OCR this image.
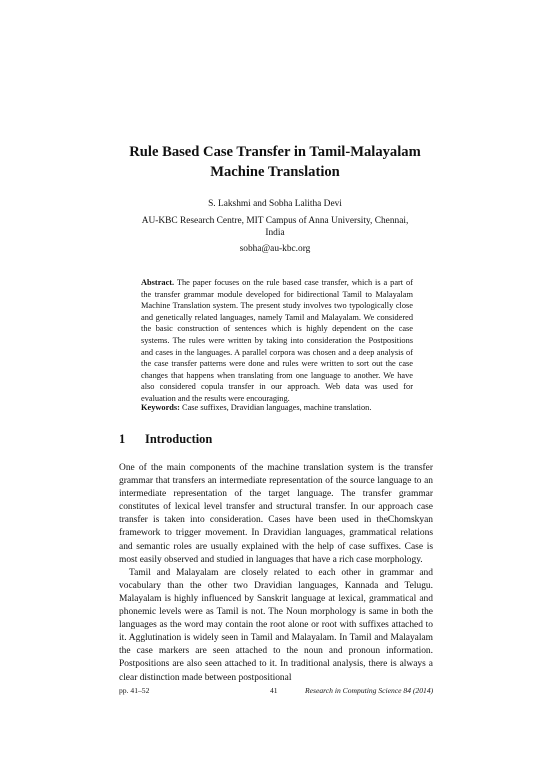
Rule Based Case Transfer in Tamil-Malayalam
Machine Translation
S. Lakshmi and Sobha Lalitha Devi
AU-KBC Research Centre, MIT Campus of Anna University, Chennai,
India
sobha@au-kbc.org
Abstract. The paper focuses on the rule based case transfer, which is a part of the transfer grammar module developed for bidirectional Tamil to Malayalam Machine Translation system. The present study involves two typologically close and genetically related languages, namely Tamil and Malayalam. We considered the basic construction of sentences which is highly dependent on the case systems. The rules were written by taking into consideration the Postpositions and cases in the languages. A parallel corpora was chosen and a deep analysis of the case transfer patterns were done and rules were written to sort out the case changes that happens when translating from one language to another. We have also considered copula transfer in our approach. Web data was used for evaluation and the results were encouraging.
Keywords: Case suffixes, Dravidian languages, machine translation.
1 Introduction

One of the main components of the machine translation system is the transfer grammar that transfers an intermediate representation of the source language to an intermediate representation of the target language. The transfer grammar constitutes of lexical level transfer and structural transfer. In our approach case transfer is taken into consideration. Cases have been used in theChomskyan framework to trigger movement. In Dravidian languages, grammatical relations and semantic roles are usually explained with the help of case suffixes. Case is most easily observed and studied in languages that have a rich case morphology.

Tamil and Malayalam are closely related to each other in grammar and vocabulary than the other two Dravidian languages, Kannada and Telugu. Malayalam is highly influenced by Sanskrit language at lexical, grammatical and phonemic levels were as Tamil is not. The Noun morphology is same in both the languages as the word may contain the root alone or root with suffixes attached to it. Agglutination is widely seen in Tamil and Malayalam. In Tamil and Malayalam the case markers are seen attached to the noun and pronoun information. Postpositions are also seen attached to it. In traditional analysis, there is always a clear distinction made between postpositional

pp. 41–52	41	Research in Computing Science 84 (2014)
